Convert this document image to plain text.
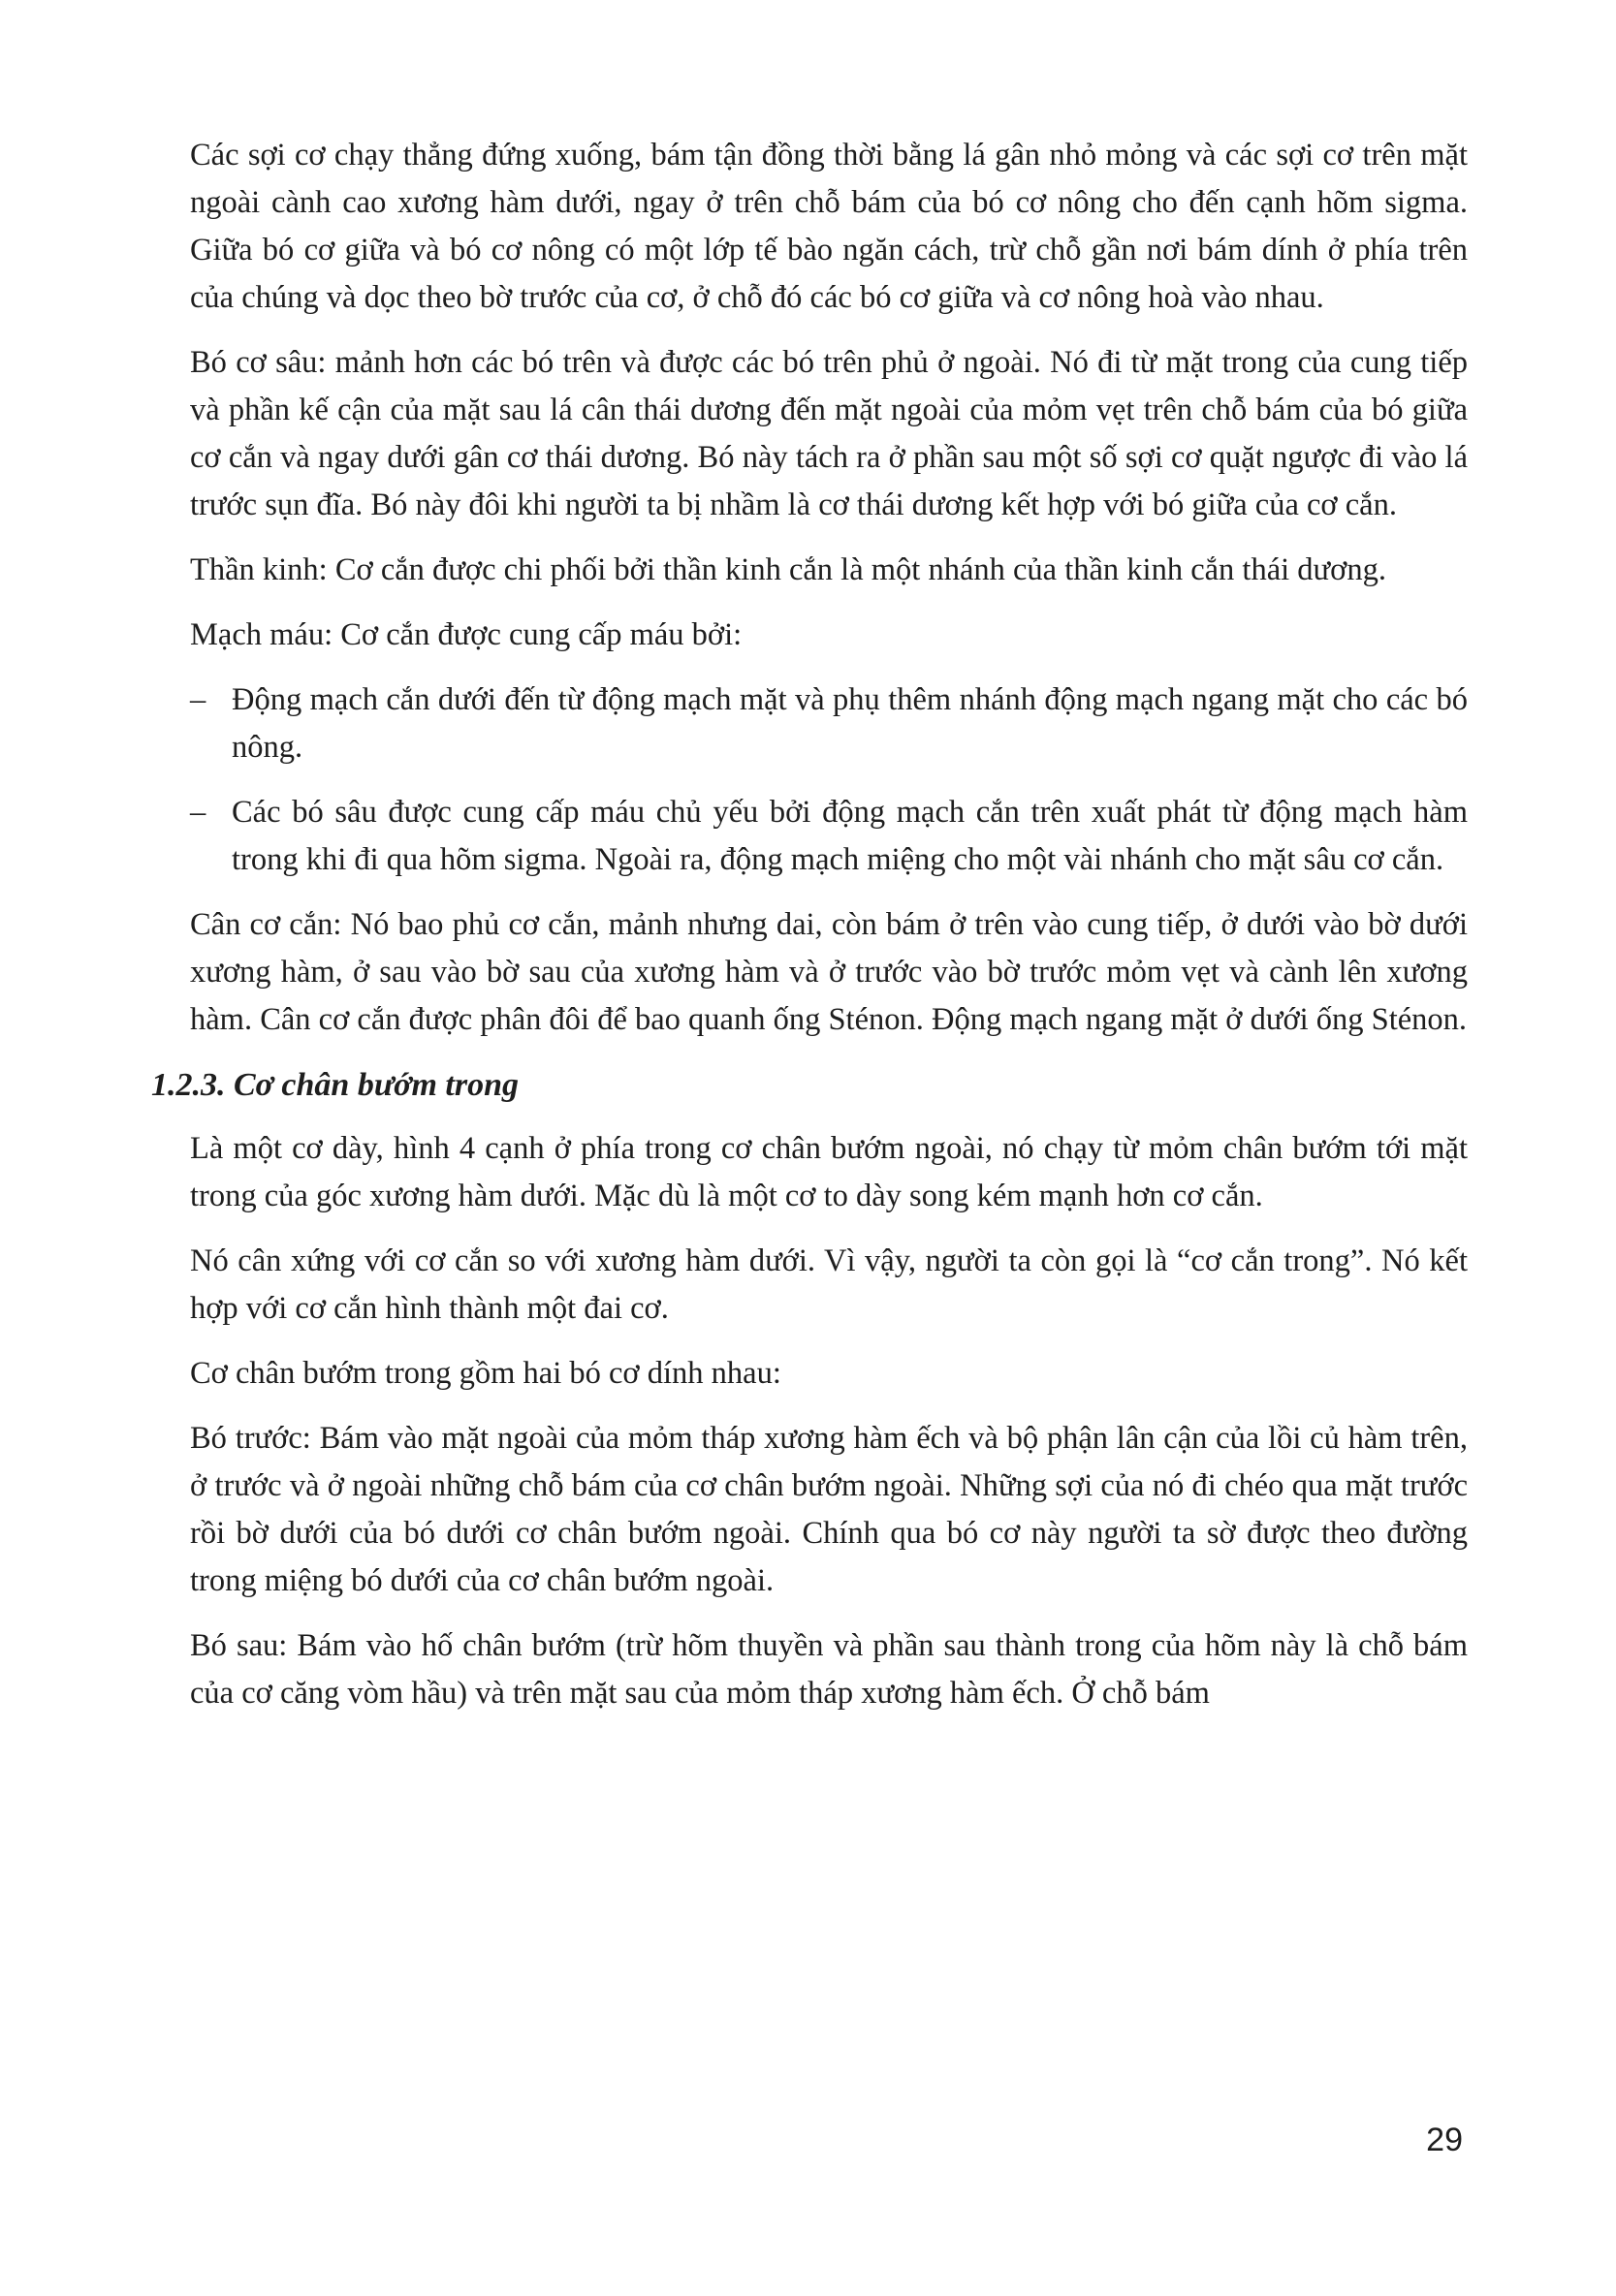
Các sợi cơ chạy thẳng đứng xuống, bám tận đồng thời bằng lá gân nhỏ mỏng và các sợi cơ trên mặt ngoài cành cao xương hàm dưới, ngay ở trên chỗ bám của bó cơ nông cho đến cạnh hõm sigma. Giữa bó cơ giữa và bó cơ nông có một lớp tế bào ngăn cách, trừ chỗ gần nơi bám dính ở phía trên của chúng và dọc theo bờ trước của cơ, ở chỗ đó các bó cơ giữa và cơ nông hoà vào nhau.

Bó cơ sâu: mảnh hơn các bó trên và được các bó trên phủ ở ngoài. Nó đi từ mặt trong của cung tiếp và phần kế cận của mặt sau lá cân thái dương đến mặt ngoài của mỏm vẹt trên chỗ bám của bó giữa cơ cắn và ngay dưới gân cơ thái dương. Bó này tách ra ở phần sau một số sợi cơ quặt ngược đi vào lá trước sụn đĩa. Bó này đôi khi người ta bị nhầm là cơ thái dương kết hợp với bó giữa của cơ cắn.

Thần kinh: Cơ cắn được chi phối bởi thần kinh cắn là một nhánh của thần kinh cắn thái dương.

Mạch máu: Cơ cắn được cung cấp máu bởi:

– Động mạch cắn dưới đến từ động mạch mặt và phụ thêm nhánh động mạch ngang mặt cho các bó nông.
– Các bó sâu được cung cấp máu chủ yếu bởi động mạch cắn trên xuất phát từ động mạch hàm trong khi đi qua hõm sigma. Ngoài ra, động mạch miệng cho một vài nhánh cho mặt sâu cơ cắn.

Cân cơ cắn: Nó bao phủ cơ cắn, mảnh nhưng dai, còn bám ở trên vào cung tiếp, ở dưới vào bờ dưới xương hàm, ở sau vào bờ sau của xương hàm và ở trước vào bờ trước mỏm vẹt và cành lên xương hàm. Cân cơ cắn được phân đôi để bao quanh ống Sténon. Động mạch ngang mặt ở dưới ống Sténon.

1.2.3. Cơ chân bướm trong

Là một cơ dày, hình 4 cạnh ở phía trong cơ chân bướm ngoài, nó chạy từ mỏm chân bướm tới mặt trong của góc xương hàm dưới. Mặc dù là một cơ to dày song kém mạnh hơn cơ cắn.

Nó cân xứng với cơ cắn so với xương hàm dưới. Vì vậy, người ta còn gọi là “cơ cắn trong”. Nó kết hợp với cơ cắn hình thành một đai cơ.

Cơ chân bướm trong gồm hai bó cơ dính nhau:

Bó trước: Bám vào mặt ngoài của mỏm tháp xương hàm ếch và bộ phận lân cận của lồi củ hàm trên, ở trước và ở ngoài những chỗ bám của cơ chân bướm ngoài. Những sợi của nó đi chéo qua mặt trước rồi bờ dưới của bó dưới cơ chân bướm ngoài. Chính qua bó cơ này người ta sờ được theo đường trong miệng bó dưới của cơ chân bướm ngoài.

Bó sau: Bám vào hố chân bướm (trừ hõm thuyền và phần sau thành trong của hõm này là chỗ bám của cơ căng vòm hầu) và trên mặt sau của mỏm tháp xương hàm ếch. Ở chỗ bám

29
